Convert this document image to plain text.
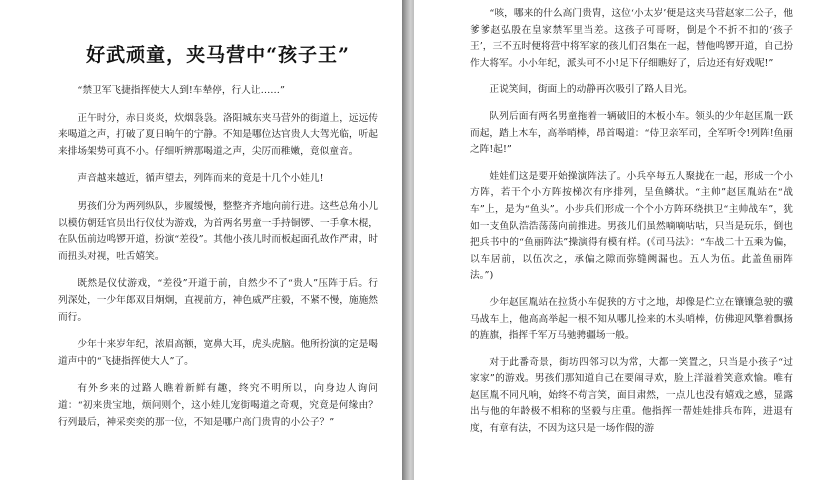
好武顽童，夹马营中“孩子王”

“禁卫军飞捷指挥使大人到!车辇停，行人让……”

正午时分，赤日炎炎，炊烟袅袅。洛阳城东夹马营外的街道上，远远传来喝道之声，打破了夏日晌午的宁静。不知是哪位达官贵人大驾光临，听起来排场架势可真不小。仔细听辨那喝道之声，尖厉而稚嫩，竟似童音。

声音越来越近，循声望去，列阵而来的竟是十几个小娃儿!

男孩们分为两列纵队，步履缓慢，整整齐齐地向前行进。这些总角小儿以模仿朝廷官员出行仪仗为游戏，为首两名男童一手持铜锣、一手拿木棍，在队伍前边鸣锣开道，扮演“差役”。其他小孩儿时而板起面孔故作严肃，时而扭头对视，吐舌嬉笑。

既然是仪仗游戏，“差役”开道于前，自然少不了“贵人”压阵于后。行列深处，一少年郎双目炯炯，直视前方，神色威严庄毅，不紧不慢，施施然而行。

少年十来岁年纪，浓眉高额，宽鼻大耳，虎头虎脑。他所扮演的定是喝道声中的“飞捷指挥使大人”了。

有外乡来的过路人瞧着新鲜有趣，终究不明所以，向身边人询问道：“初来贵宝地，烦问则个，这小娃儿宠街喝道之奇观，究竟是何缘由？行列最后，神采奕奕的那一位，不知是哪户高门贵胄的小公子？”

“咳，哪来的什么高门贵胄，这位‘小太岁’便是这夹马营赵家二公子，他爹爹赵弘殷在皇家禁军里当差。这孩子可哥呀，倒是个不折不扣的‘孩子王’，三不五时便将营中将军家的孩儿们召集在一起，替他鸣锣开道，自己扮作大将军。小小年纪，派头可不小!足下仔细瞧好了，后边还有好戏呢!”

正说笑间，街面上的动静再次吸引了路人目光。

队列后面有两名男童拖着一辆破旧的木板小车。领头的少年赵匡胤一跃而起，踏上木车，高举哨棒，昂首喝道：“侍卫亲军司，全军听令!列阵!鱼丽之阵!起!”

娃娃们这是要开始操演阵法了。小兵卒每五人聚拢在一起，形成一个小方阵，若干个小方阵按梯次有序排列，呈鱼鳞状。“主帅”赵匡胤站在“战车”上，是为“鱼头”。小步兵们形成一个个小方阵环绕拱卫“主帅战车”，犹如一支鱼队浩浩荡荡向前推进。男孩儿们虽然嘀嘀咕咕，只当是玩乐，倒也把兵书中的“鱼丽阵法”操演得有模有样。(《司马法》：“车战二十五乘为偏，以车居前，以伍次之，承偏之隙而弥缝阙漏也。五人为伍。此盖鱼丽阵法。”)

少年赵匡胤站在拉货小车促狭的方寸之地，却像是伫立在镶镶急驶的骥马战车上，他高高举起一根不知从哪儿捡来的木头哨棒，仿佛迎风擎着飘扬的旌旗，指挥千军万马驰骋疆场一般。

对于此番奇景，街坊四邻习以为常，大都一笑置之，只当是小孩子“过家家”的游戏。男孩们那知道自己在要闹寻欢，脸上洋溢着笑意欢愉。唯有赵匡胤不同凡响，始终不苟言笑，面目肃然，一点儿也没有嬉戏之感，显露出与他的年龄极不相称的坚毅与庄重。他指挥一帮娃娃排兵布阵，进退有度，有章有法，不因为这只是一场作假的游
